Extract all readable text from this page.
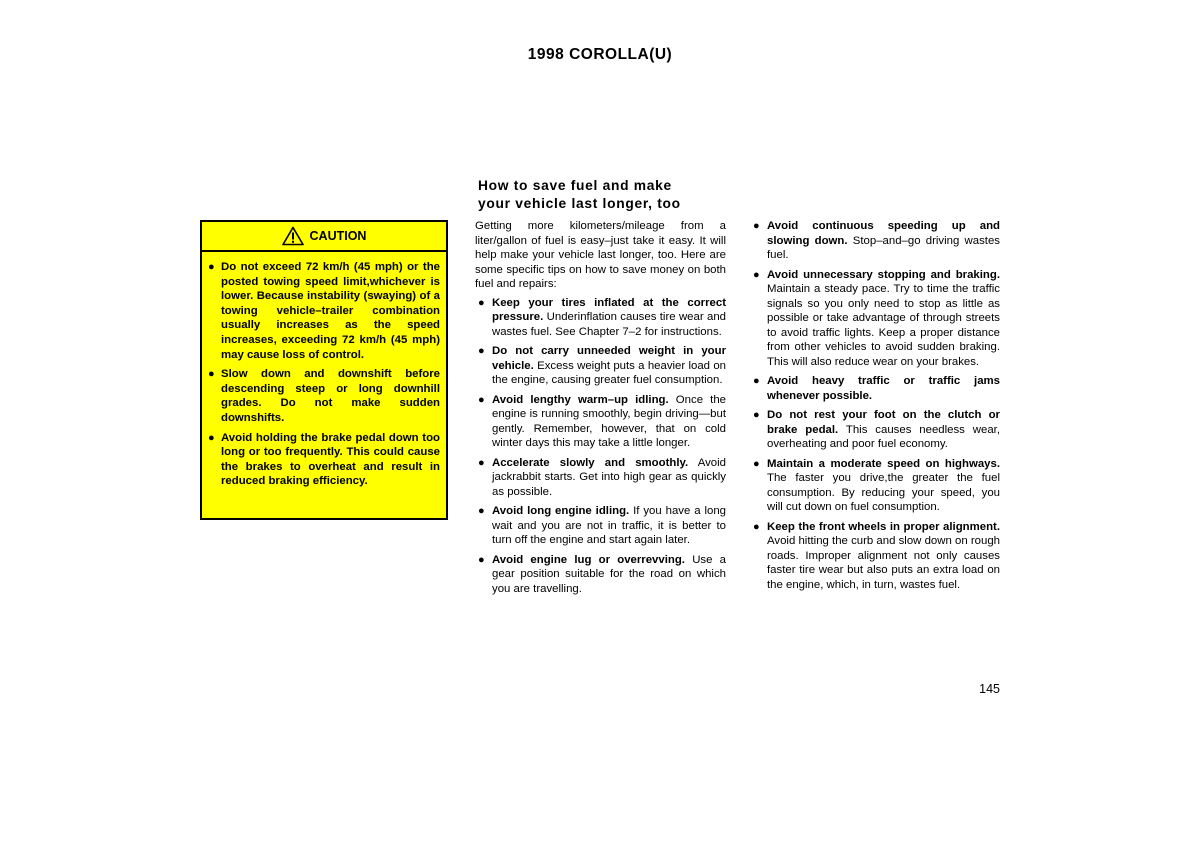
1998 COROLLA(U)
CAUTION
● Do not exceed 72 km/h (45 mph) or the posted towing speed limit,whichever is lower. Because instability (swaying) of a towing vehicle–trailer combination usually increases as the speed increases, exceeding 72 km/h (45 mph) may cause loss of control.
● Slow down and downshift before descending steep or long downhill grades. Do not make sudden downshifts.
● Avoid holding the brake pedal down too long or too frequently. This could cause the brakes to overheat and result in reduced braking efficiency.
How to save fuel and make
your vehicle last longer, too

Getting more kilometers/mileage from a liter/gallon of fuel is easy–just take it easy. It will help make your vehicle last longer, too. Here are some specific tips on how to save money on both fuel and repairs:

● Keep your tires inflated at the correct pressure. Underinflation causes tire wear and wastes fuel. See Chapter 7–2 for instructions.
● Do not carry unneeded weight in your vehicle. Excess weight puts a heavier load on the engine, causing greater fuel consumption.
● Avoid lengthy warm–up idling. Once the engine is running smoothly, begin driving—but gently. Remember, however, that on cold winter days this may take a little longer.
● Accelerate slowly and smoothly. Avoid jackrabbit starts. Get into high gear as quickly as possible.
● Avoid long engine idling. If you have a long wait and you are not in traffic, it is better to turn off the engine and start again later.
● Avoid engine lug or overrevving. Use a gear position suitable for the road on which you are travelling.
● Avoid continuous speeding up and slowing down. Stop–and–go driving wastes fuel.
● Avoid unnecessary stopping and braking. Maintain a steady pace. Try to time the traffic signals so you only need to stop as little as possible or take advantage of through streets to avoid traffic lights. Keep a proper distance from other vehicles to avoid sudden braking. This will also reduce wear on your brakes.
● Avoid heavy traffic or traffic jams whenever possible.
● Do not rest your foot on the clutch or brake pedal. This causes needless wear, overheating and poor fuel economy.
● Maintain a moderate speed on highways. The faster you drive,the greater the fuel consumption. By reducing your speed, you will cut down on fuel consumption.
● Keep the front wheels in proper alignment. Avoid hitting the curb and slow down on rough roads. Improper alignment not only causes faster tire wear but also puts an extra load on the engine, which, in turn, wastes fuel.
145
